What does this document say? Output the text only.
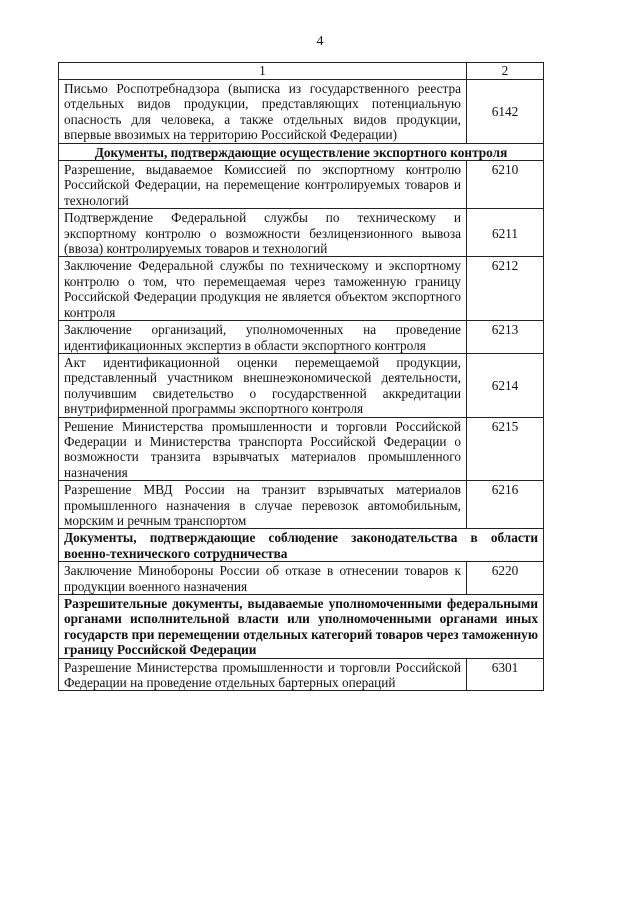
4
1	2
Письмо Роспотребнадзора (выписка из государственного реестра отдельных видов продукции, представляющих потенциальную опасность для человека, а также отдельных видов продукции, впервые ввозимых на территорию Российской Федерации)	6142
Документы, подтверждающие осуществление экспортного контроля	
Разрешение, выдаваемое Комиссией по экспортному контролю Российской Федерации, на перемещение контролируемых товаров и технологий	6210
Подтверждение Федеральной службы по техническому и экспортному контролю о возможности безлицензионного вывоза (ввоза) контролируемых товаров и технологий	6211
Заключение Федеральной службы по техническому и экспортному контролю о том, что перемещаемая через таможенную границу Российской Федерации продукция не является объектом экспортного контроля	6212
Заключение организаций, уполномоченных на проведение идентификационных экспертиз в области экспортного контроля	6213
Акт идентификационной оценки перемещаемой продукции, представленный участником внешнеэкономической деятельности, получившим свидетельство о государственной аккредитации внутрифирменной программы экспортного контроля	6214
Решение Министерства промышленности и торговли Российской Федерации и Министерства транспорта Российской Федерации о возможности транзита взрывчатых материалов промышленного назначения	6215
Разрешение МВД России на транзит взрывчатых материалов промышленного назначения в случае перевозок автомобильным, морским и речным транспортом	6216
Документы, подтверждающие соблюдение законодательства в области военно-технического сотрудничества	
Заключение Минобороны России об отказе в отнесении товаров к продукции военного назначения	6220
Разрешительные документы, выдаваемые уполномоченными федеральными органами исполнительной власти или уполномоченными органами иных государств при перемещении отдельных категорий товаров через таможенную границу Российской Федерации	
Разрешение Министерства промышленности и торговли Российской Федерации на проведение отдельных бартерных операций	6301
